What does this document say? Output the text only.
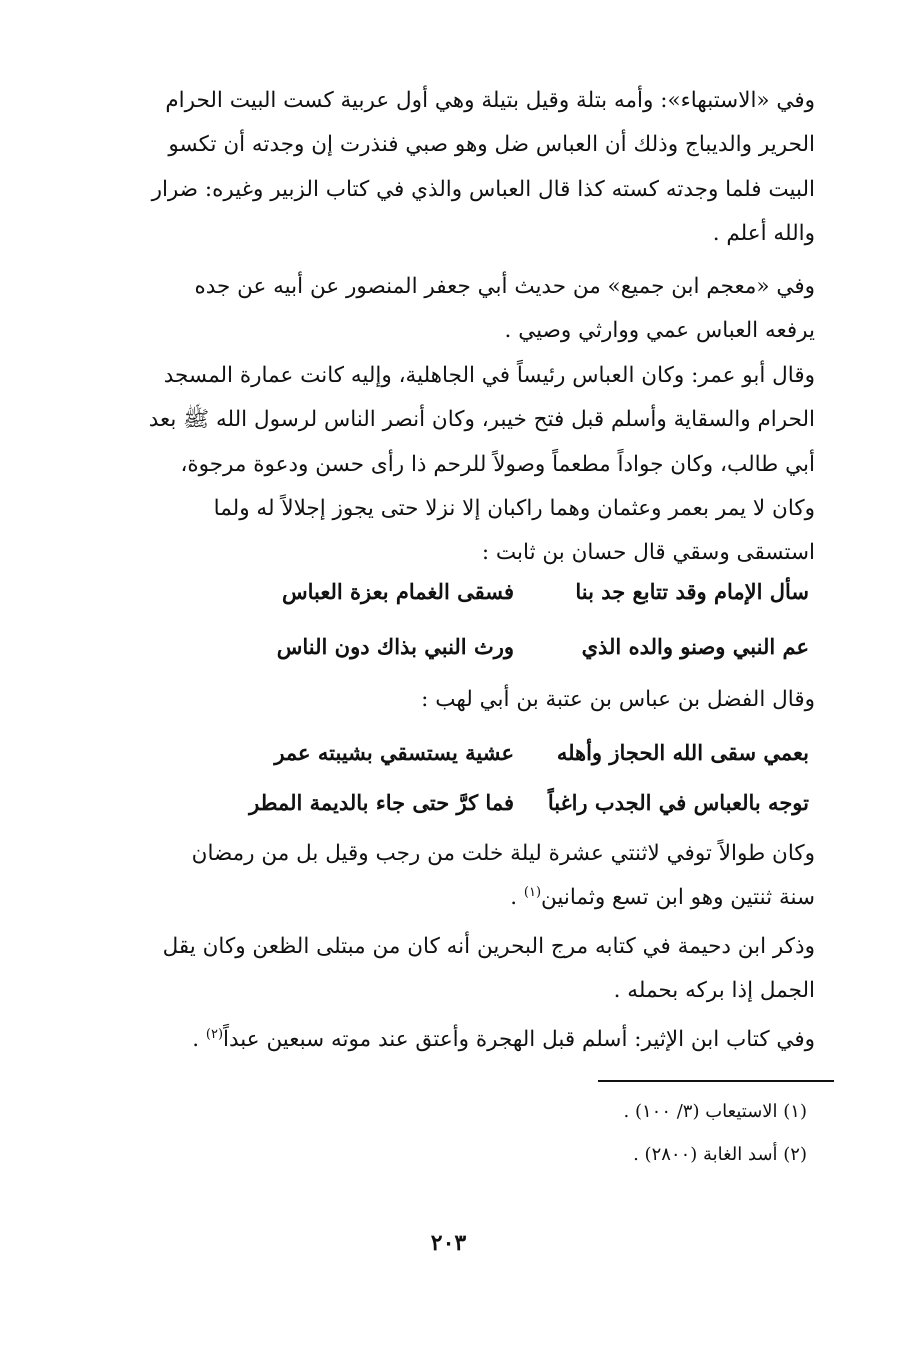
وفي «الاستبهاء»: وأمه بتلة وقيل بتيلة وهي أول عربية كست البيت الحرام
الحرير والديباج وذلك أن العباس ضل وهو صبي فنذرت إن وجدته أن تكسو
البيت فلما وجدته كسته كذا قال العباس والذي في كتاب الزبير وغيره: ضرار
والله أعلم .
وفي «معجم ابن جميع» من حديث أبي جعفر المنصور عن أبيه عن جده
يرفعه العباس عمي ووارثي وصيي .
وقال أبو عمر: وكان العباس رئيساً في الجاهلية، وإليه كانت عمارة المسجد
الحرام والسقاية وأسلم قبل فتح خيبر، وكان أنصر الناس لرسول الله ﷺ بعد
أبي طالب، وكان جواداً مطعماً وصولاً للرحم ذا رأى حسن ودعوة مرجوة،
وكان لا يمر بعمر وعثمان وهما راكبان إلا نزلا حتى يجوز إجلالاً له ولما
استسقى وسقي قال حسان بن ثابت :
سأل الإمام وقد تتابع جد بنا
فسقى الغمام بعزة العباس
عم النبي وصنو والده الذي
ورث النبي بذاك دون الناس
وقال الفضل بن عباس بن عتبة بن أبي لهب :
بعمي سقى الله الحجاز وأهله
عشية يستسقي بشيبته عمر
توجه بالعباس في الجدب راغباً
فما كرَّ حتى جاء بالديمة المطر
وكان طوالاً توفي لاثنتي عشرة ليلة خلت من رجب وقيل بل من رمضان
سنة ثنتين وهو ابن تسع وثمانين$^{(١)}$ .
وذكر ابن دحيمة في كتابه مرج البحرين أنه كان من مبتلى الظعن وكان يقل
الجمل إذا بركه بحمله .
وفي كتاب ابن الإثير: أسلم قبل الهجرة وأعتق عند موته سبعين عبداً$^{(٢)}$ .
(١) الاستيعاب (٣/ ١٠٠) .
(٢) أسد الغابة (٢٨٠٠) .
٢٠٣
